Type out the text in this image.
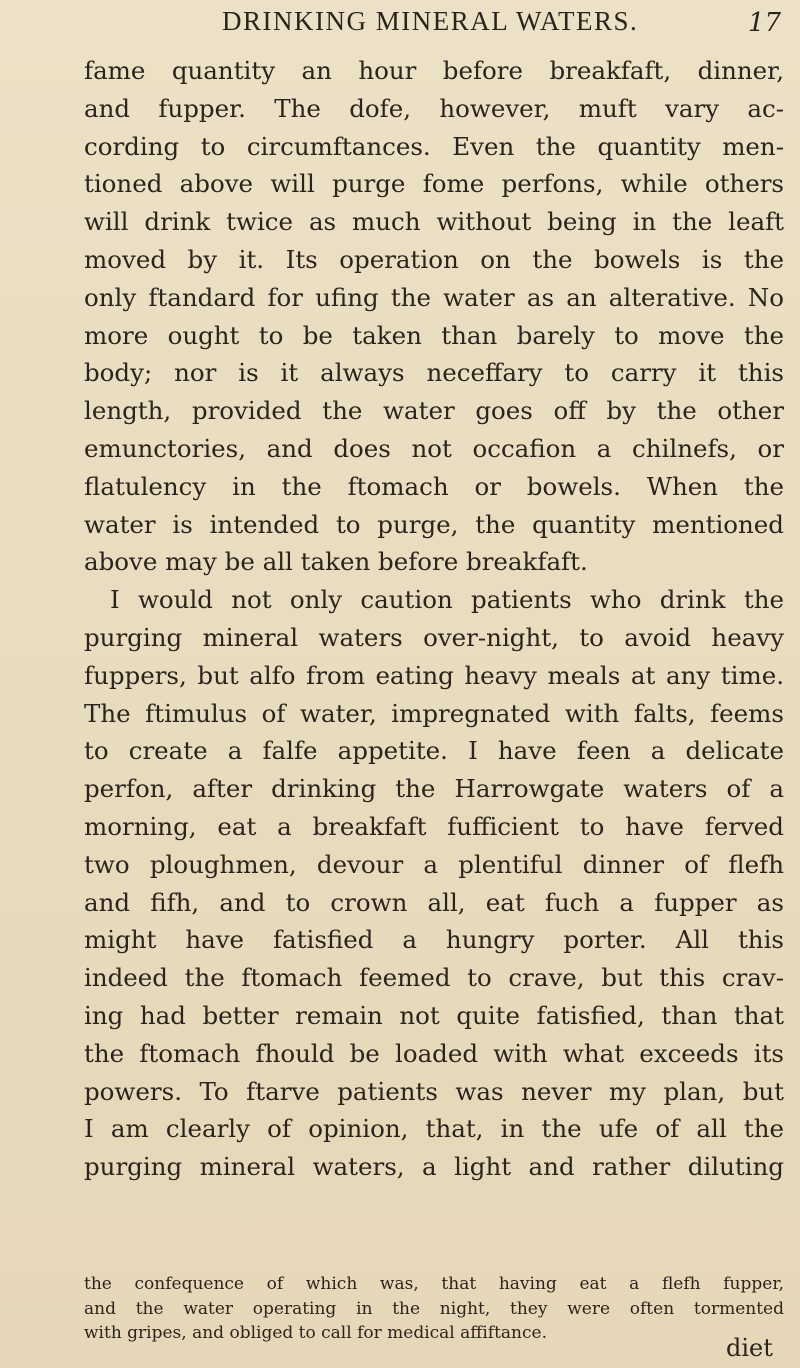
DRINKING MINERAL WATERS.	17
fame quantity an hour before breakfaft, dinner,
and fupper. The dofe, however, muft vary ac-
cording to circumftances. Even the quantity men-
tioned above will purge fome perfons, while others
will drink twice as much without being in the leaft
moved by it. Its operation on the bowels is the
only ftandard for ufing the water as an alterative. No
more ought to be taken than barely to move the
body; nor is it always neceffary to carry it this
length, provided the water goes off by the other
emunctories, and does not occafion a chilnefs, or
flatulency in the ftomach or bowels. When the
water is intended to purge, the quantity mentioned
above may be all taken before breakfaft.
I would not only caution patients who drink the
purging mineral waters over-night, to avoid heavy
fuppers, but alfo from eating heavy meals at any time.
The ftimulus of water, impregnated with falts, feems
to create a falfe appetite. I have feen a delicate
perfon, after drinking the Harrowgate waters of a
morning, eat a breakfaft fufficient to have ferved
two ploughmen, devour a plentiful dinner of flefh
and fifh, and to crown all, eat fuch a fupper as
might have fatisfied a hungry porter. All this
indeed the ftomach feemed to crave, but this crav-
ing had better remain not quite fatisfied, than that
the ftomach fhould be loaded with what exceeds its
powers. To ftarve patients was never my plan, but
I am clearly of opinion, that, in the ufe of all the
purging mineral waters, a light and rather diluting
the confequence of which was, that having eat a flefh fupper,
and the water operating in the night, they were often tormented
with gripes, and obliged to call for medical affiftance.
diet
